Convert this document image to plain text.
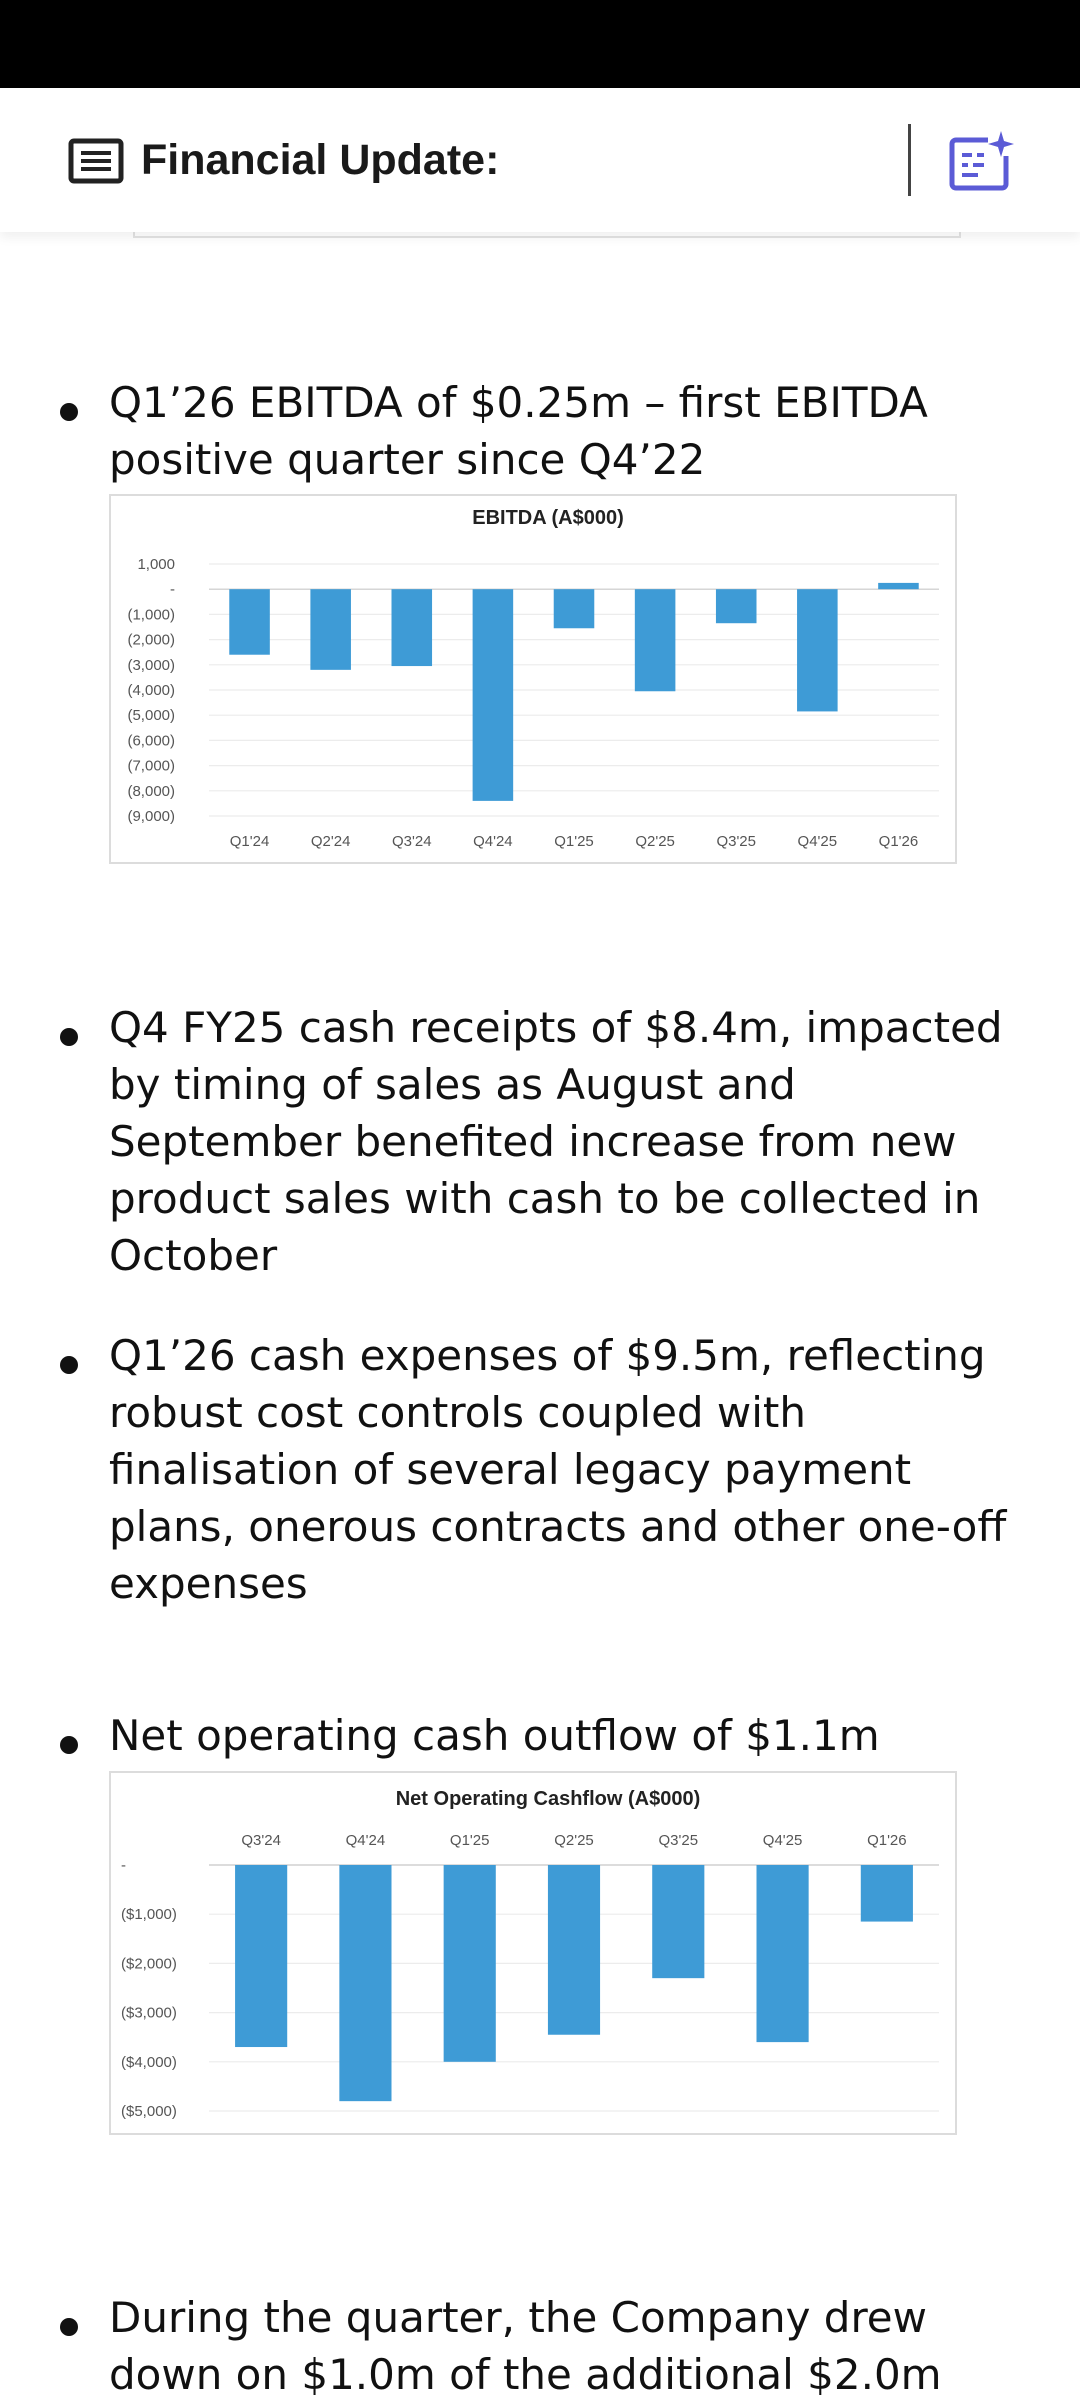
Financial Update:

Q1’26 EBITDA of $0.25m – first EBITDA positive quarter since Q4’22

EBITDA (A$000)
1,000
-
(1,000)
(2,000)
(3,000)
(4,000)
(5,000)
(6,000)
(7,000)
(8,000)
(9,000)
Q1'24	Q2'24	Q3'24	Q4'24	Q1'25	Q2'25	Q3'25	Q4'25	Q1'26

Q4 FY25 cash receipts of $8.4m, impacted by timing of sales as August and September benefited increase from new product sales with cash to be collected in October

Q1’26 cash expenses of $9.5m, reflecting robust cost controls coupled with finalisation of several legacy payment plans, onerous contracts and other one-off expenses

Net operating cash outflow of $1.1m

Net Operating Cashflow (A$000)
-
($1,000)
($2,000)
($3,000)
($4,000)
($5,000)
Q3'24	Q4'24	Q1'25	Q2'25	Q3'25	Q4'25	Q1'26

During the quarter, the Company drew down on $1.0m of the additional $2.0m
